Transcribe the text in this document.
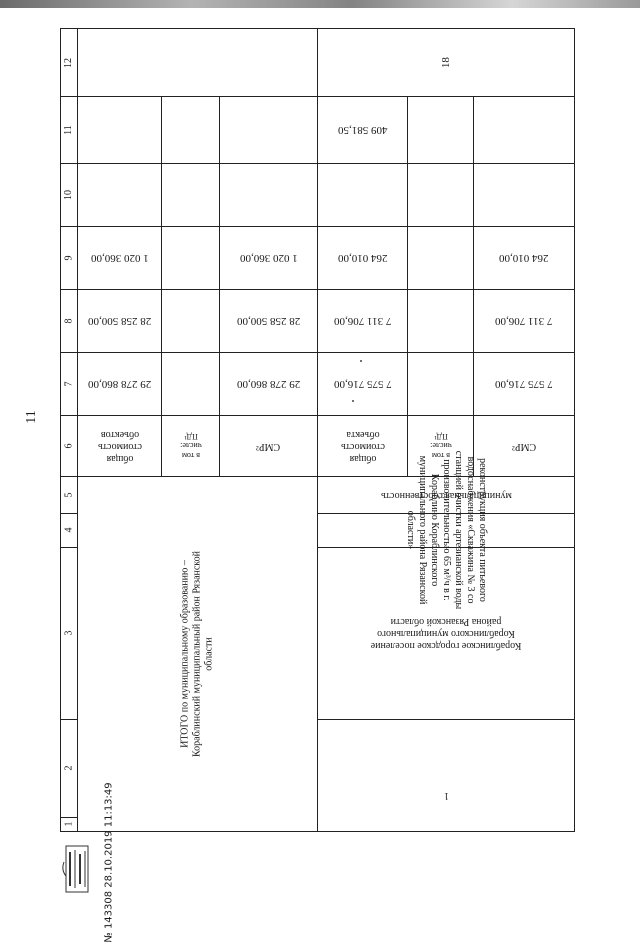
11
12
11
10
9
8
7
6
5
4
3
2
1
ИТОГО по муниципальному образованию – Кораблинский муниципальный район Рязанской области
общая стоимость объектов
в том числе: ПД¹
СМР²
29 278 860,00
28 258 500,00
1 020 360,00
29 278 860,00
28 258 500,00
1 020 360,00
1
Кораблинское городское поселение Кораблинского муниципального района Рязанской области
реконструкция объекта питьевого водоснабжения «Скважина № 3 со станцией очистки артезианской воды производительностью 65 м³/ч в г. Кораблино Кораблинского муниципального района Рязанской области»
муниципальная собственность
общая стоимость объекта
в том числе: ПД¹
СМР²
7 575 716,00
7 311 706,00
264 010,00
409 581,50
7 575 716,00
7 311 706,00
264 010,00
18
№ 143308 28.10.2019 11:13:49
